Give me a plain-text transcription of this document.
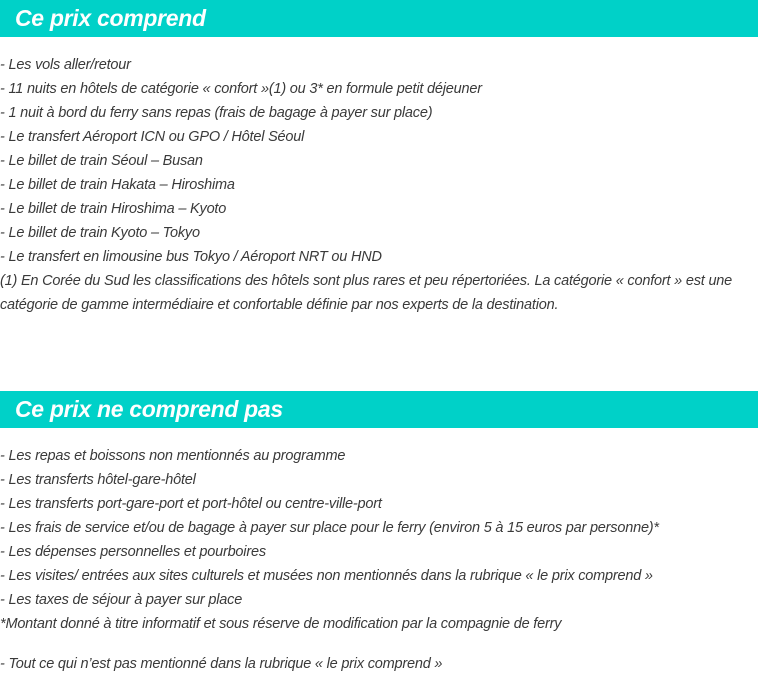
Ce prix comprend
- Les vols aller/retour
- 11 nuits en hôtels de catégorie « confort »(1) ou 3* en formule petit déjeuner
- 1 nuit à bord du ferry sans repas (frais de bagage à payer sur place)
- Le transfert Aéroport ICN ou GPO / Hôtel Séoul
- Le billet de train Séoul – Busan
- Le billet de train Hakata – Hiroshima
- Le billet de train Hiroshima – Kyoto
- Le billet de train Kyoto – Tokyo
- Le transfert en limousine bus Tokyo / Aéroport NRT ou HND

(1) En Corée du Sud les classifications des hôtels sont plus rares et peu répertoriées. La catégorie « confort » est une catégorie de gamme intermédiaire et confortable définie par nos experts de la destination.

Ce prix ne comprend pas
- Les repas et boissons non mentionnés au programme
- Les transferts hôtel-gare-hôtel
- Les transferts port-gare-port et port-hôtel ou centre-ville-port
- Les frais de service et/ou de bagage à payer sur place pour le ferry (environ 5 à 15 euros par personne)*
- Les dépenses personnelles et pourboires
- Les visites/ entrées aux sites culturels et musées non mentionnés dans la rubrique « le prix comprend »
- Les taxes de séjour à payer sur place

*Montant donné à titre informatif et sous réserve de modification par la compagnie de ferry

- Tout ce qui n’est pas mentionné dans la rubrique « le prix comprend »
